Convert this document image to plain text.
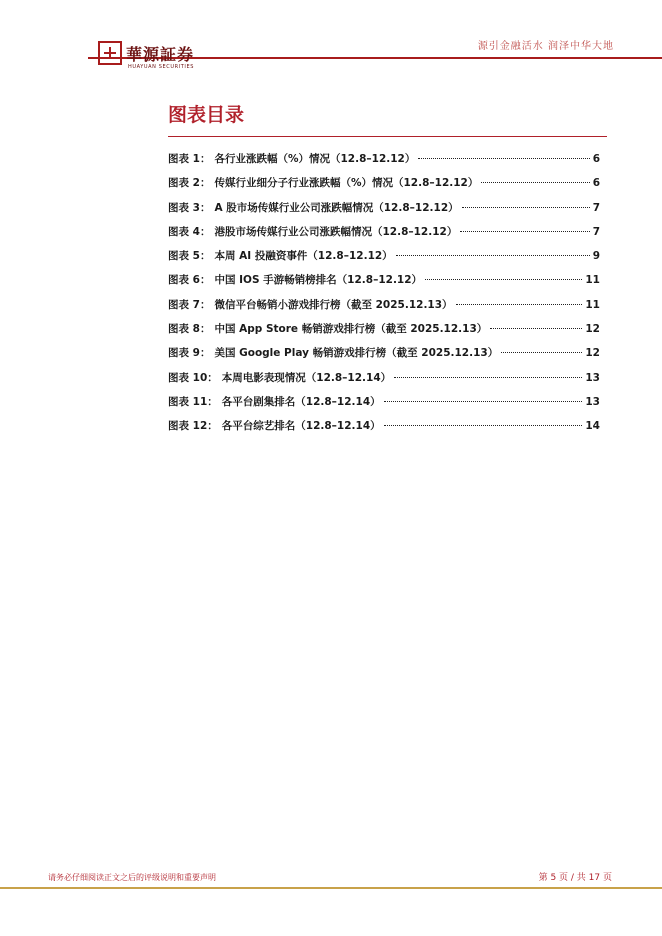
華源証券
HUAYUAN SECURITIES
源引金融活水 润泽中华大地
图表目录
图表 1： 各行业涨跌幅（%）情况（12.8–12.12）	6
图表 2： 传媒行业细分子行业涨跌幅（%）情况（12.8–12.12）	6
图表 3： A 股市场传媒行业公司涨跌幅情况（12.8–12.12）	7
图表 4： 港股市场传媒行业公司涨跌幅情况（12.8–12.12）	7
图表 5： 本周 AI 投融资事件（12.8–12.12）	9
图表 6： 中国 IOS 手游畅销榜排名（12.8–12.12）	11
图表 7： 微信平台畅销小游戏排行榜（截至 2025.12.13）	11
图表 8： 中国 App Store 畅销游戏排行榜（截至 2025.12.13）	12
图表 9： 美国 Google Play 畅销游戏排行榜（截至 2025.12.13）	12
图表 10： 本周电影表现情况（12.8–12.14）	13
图表 11： 各平台剧集排名（12.8–12.14）	13
图表 12： 各平台综艺排名（12.8–12.14）	14
请务必仔细阅读正文之后的评级说明和重要声明	第 5 页 / 共 17 页
